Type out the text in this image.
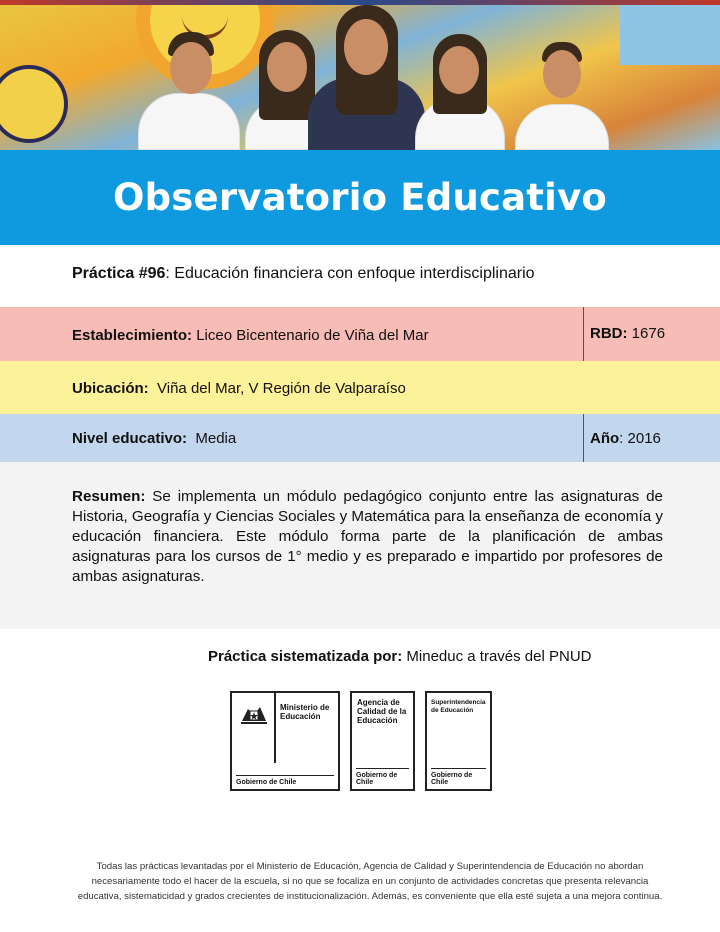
Observatorio Educativo
Práctica #96: Educación financiera con enfoque interdisciplinario
Establecimiento: Liceo Bicentenario de Viña del Mar	RBD: 1676
Ubicación:  Viña del Mar, V Región de Valparaíso
Nivel educativo:  Media	Año: 2016
Resumen: Se implementa un módulo pedagógico conjunto entre las asignaturas de Historia, Geografía y Ciencias Sociales y Matemática para la enseñanza de economía y educación financiera. Este módulo forma parte de la planificación de ambas asignaturas para los cursos de 1° medio y es preparado e impartido por profesores de ambas asignaturas.
Práctica sistematizada por: Mineduc a través del PNUD
Ministerio de Educación
Gobierno de Chile
Agencia de Calidad de la Educación
Gobierno de Chile
Superintendencia de Educación
Gobierno de Chile
Todas las prácticas levantadas por el Ministerio de Educación, Agencia de Calidad y Superintendencia de Educación no abordan
necesariamente todo el hacer de la escuela, si no que se focaliza en un conjunto de actividades concretas que presenta relevancia
educativa, sistematicidad y grados crecientes de institucionalización. Además, es conveniente que ella esté sujeta a una mejora continua.
